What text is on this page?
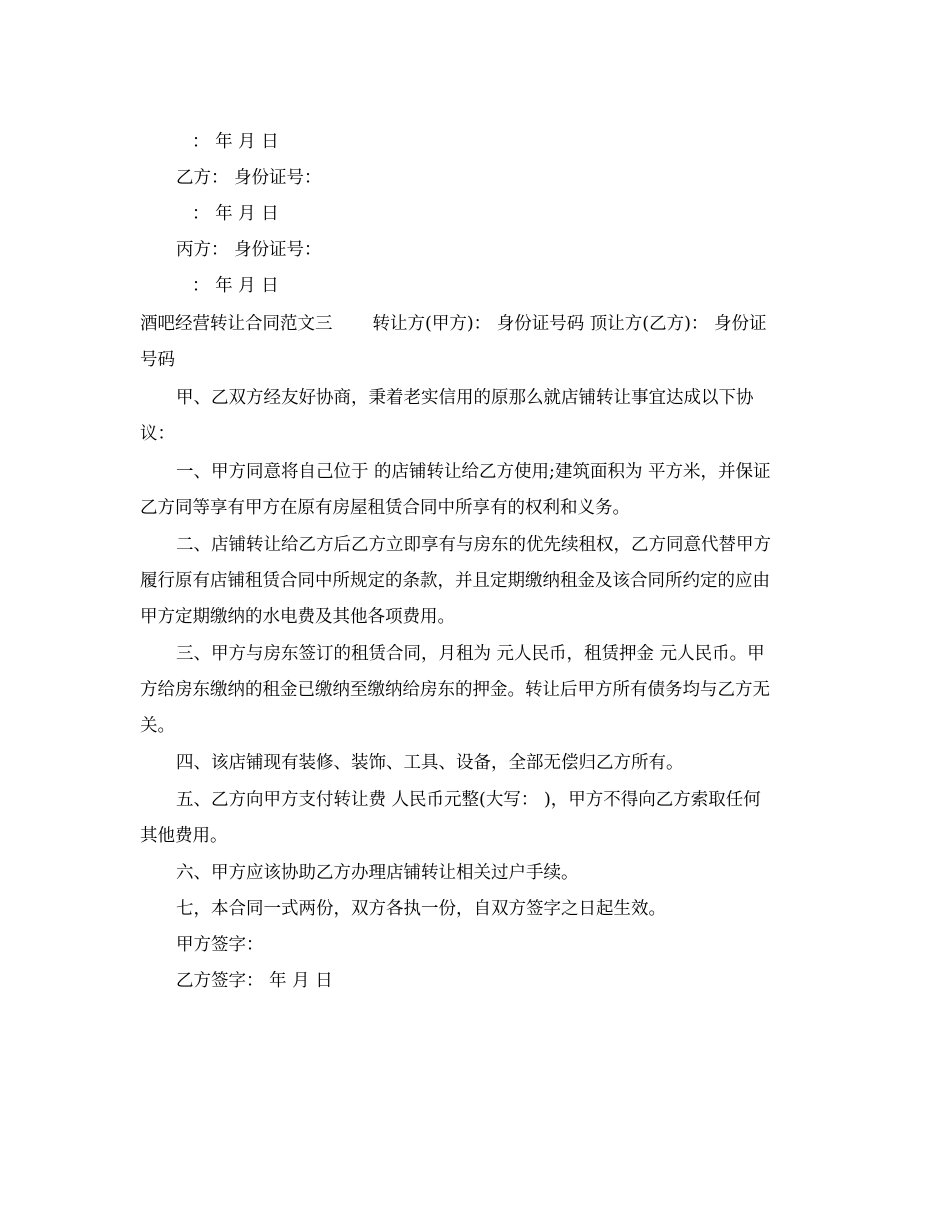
： 年 月 日
乙方： 身份证号：
： 年 月 日
丙方： 身份证号：
： 年 月 日
酒吧经营转让合同范文三 转让方(甲方)： 身份证号码 顶让方(乙方)： 身份证
号码
甲、乙双方经友好协商，秉着老实信用的原那么就店铺转让事宜达成以下协
议：
一、甲方同意将自己位于 的店铺转让给乙方使用;建筑面积为 平方米，并保证
乙方同等享有甲方在原有房屋租赁合同中所享有的权利和义务。
二、店铺转让给乙方后乙方立即享有与房东的优先续租权，乙方同意代替甲方
履行原有店铺租赁合同中所规定的条款，并且定期缴纳租金及该合同所约定的应由
甲方定期缴纳的水电费及其他各项费用。
三、甲方与房东签订的租赁合同，月租为 元人民币，租赁押金 元人民币。甲
方给房东缴纳的租金已缴纳至缴纳给房东的押金。转让后甲方所有债务均与乙方无
关。
四、该店铺现有装修、装饰、工具、设备，全部无偿归乙方所有。
五、乙方向甲方支付转让费 人民币元整(大写： )，甲方不得向乙方索取任何
其他费用。
六、甲方应该协助乙方办理店铺转让相关过户手续。
七，本合同一式两份，双方各执一份，自双方签字之日起生效。
甲方签字：
乙方签字： 年 月 日
